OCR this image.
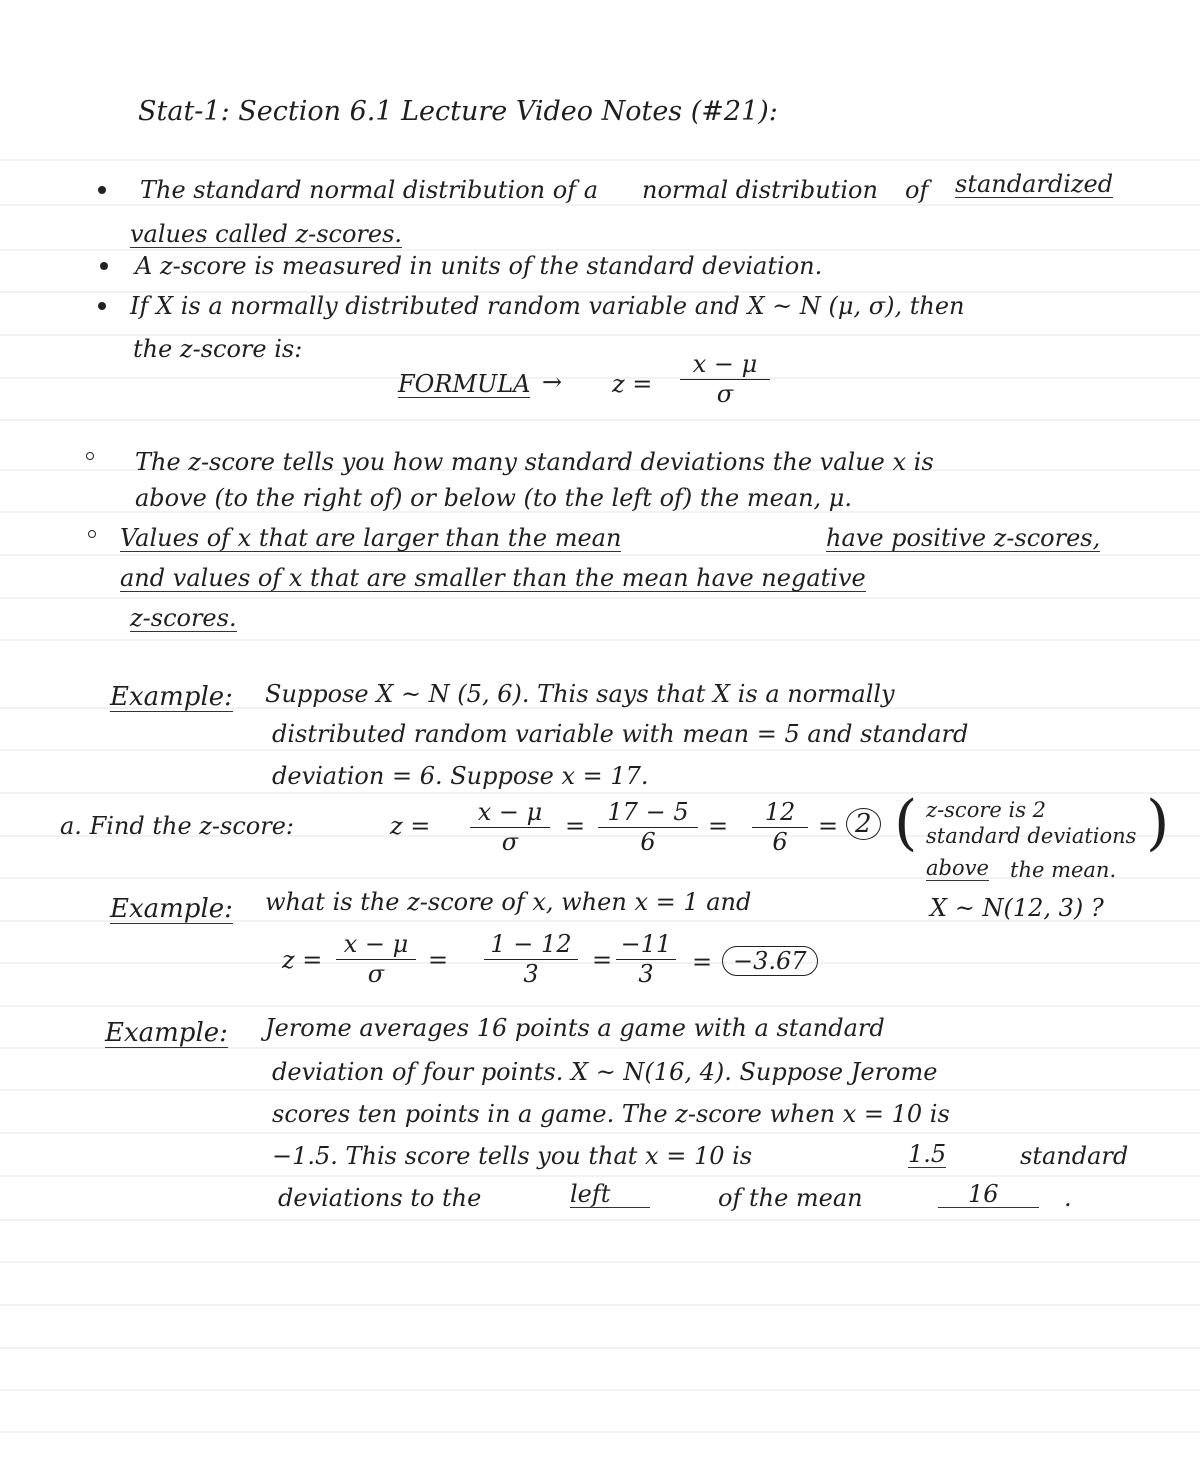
Stat-1: Section 6.1 Lecture Video Notes (#21):
The standard normal distribution of a normal distribution of standardized
values called z-scores.
A z-score is measured in units of the standard deviation.
If X is a normally distributed random variable and X ~ N (μ, σ), then
the z-score is:
FORMULA → z =
x − μ
σ
The z-score tells you how many standard deviations the value x is
above (to the right of) or below (to the left of) the mean, μ.
Values of x that are larger than the mean	have positive z-scores,
and values of x that are smaller than the mean have negative
z-scores.
Example: Suppose X ~ N (5, 6). This says that X is a normally
distributed random variable with mean = 5 and standard
deviation = 6. Suppose x = 17.
a. Find the z-score:	z =	x − μ
σ
= 17 − 5
6
=	12
6
= 2 ( z-score is 2
standard deviations )
above the mean.
Example: what is the z-score of x, when x = 1 and	X ~ N(12, 3) ?
z =
x − μ
σ
=
1 − 12
3
=
−11
3	= −3.67
Example: Jerome averages 16 points a game with a standard
deviation of four points. X ~ N(16, 4). Suppose Jerome
scores ten points in a game. The z-score when x = 10 is
−1.5. This score tells you that x = 10 is	1.5	standard
deviations to the	left	of the mean	16	.
